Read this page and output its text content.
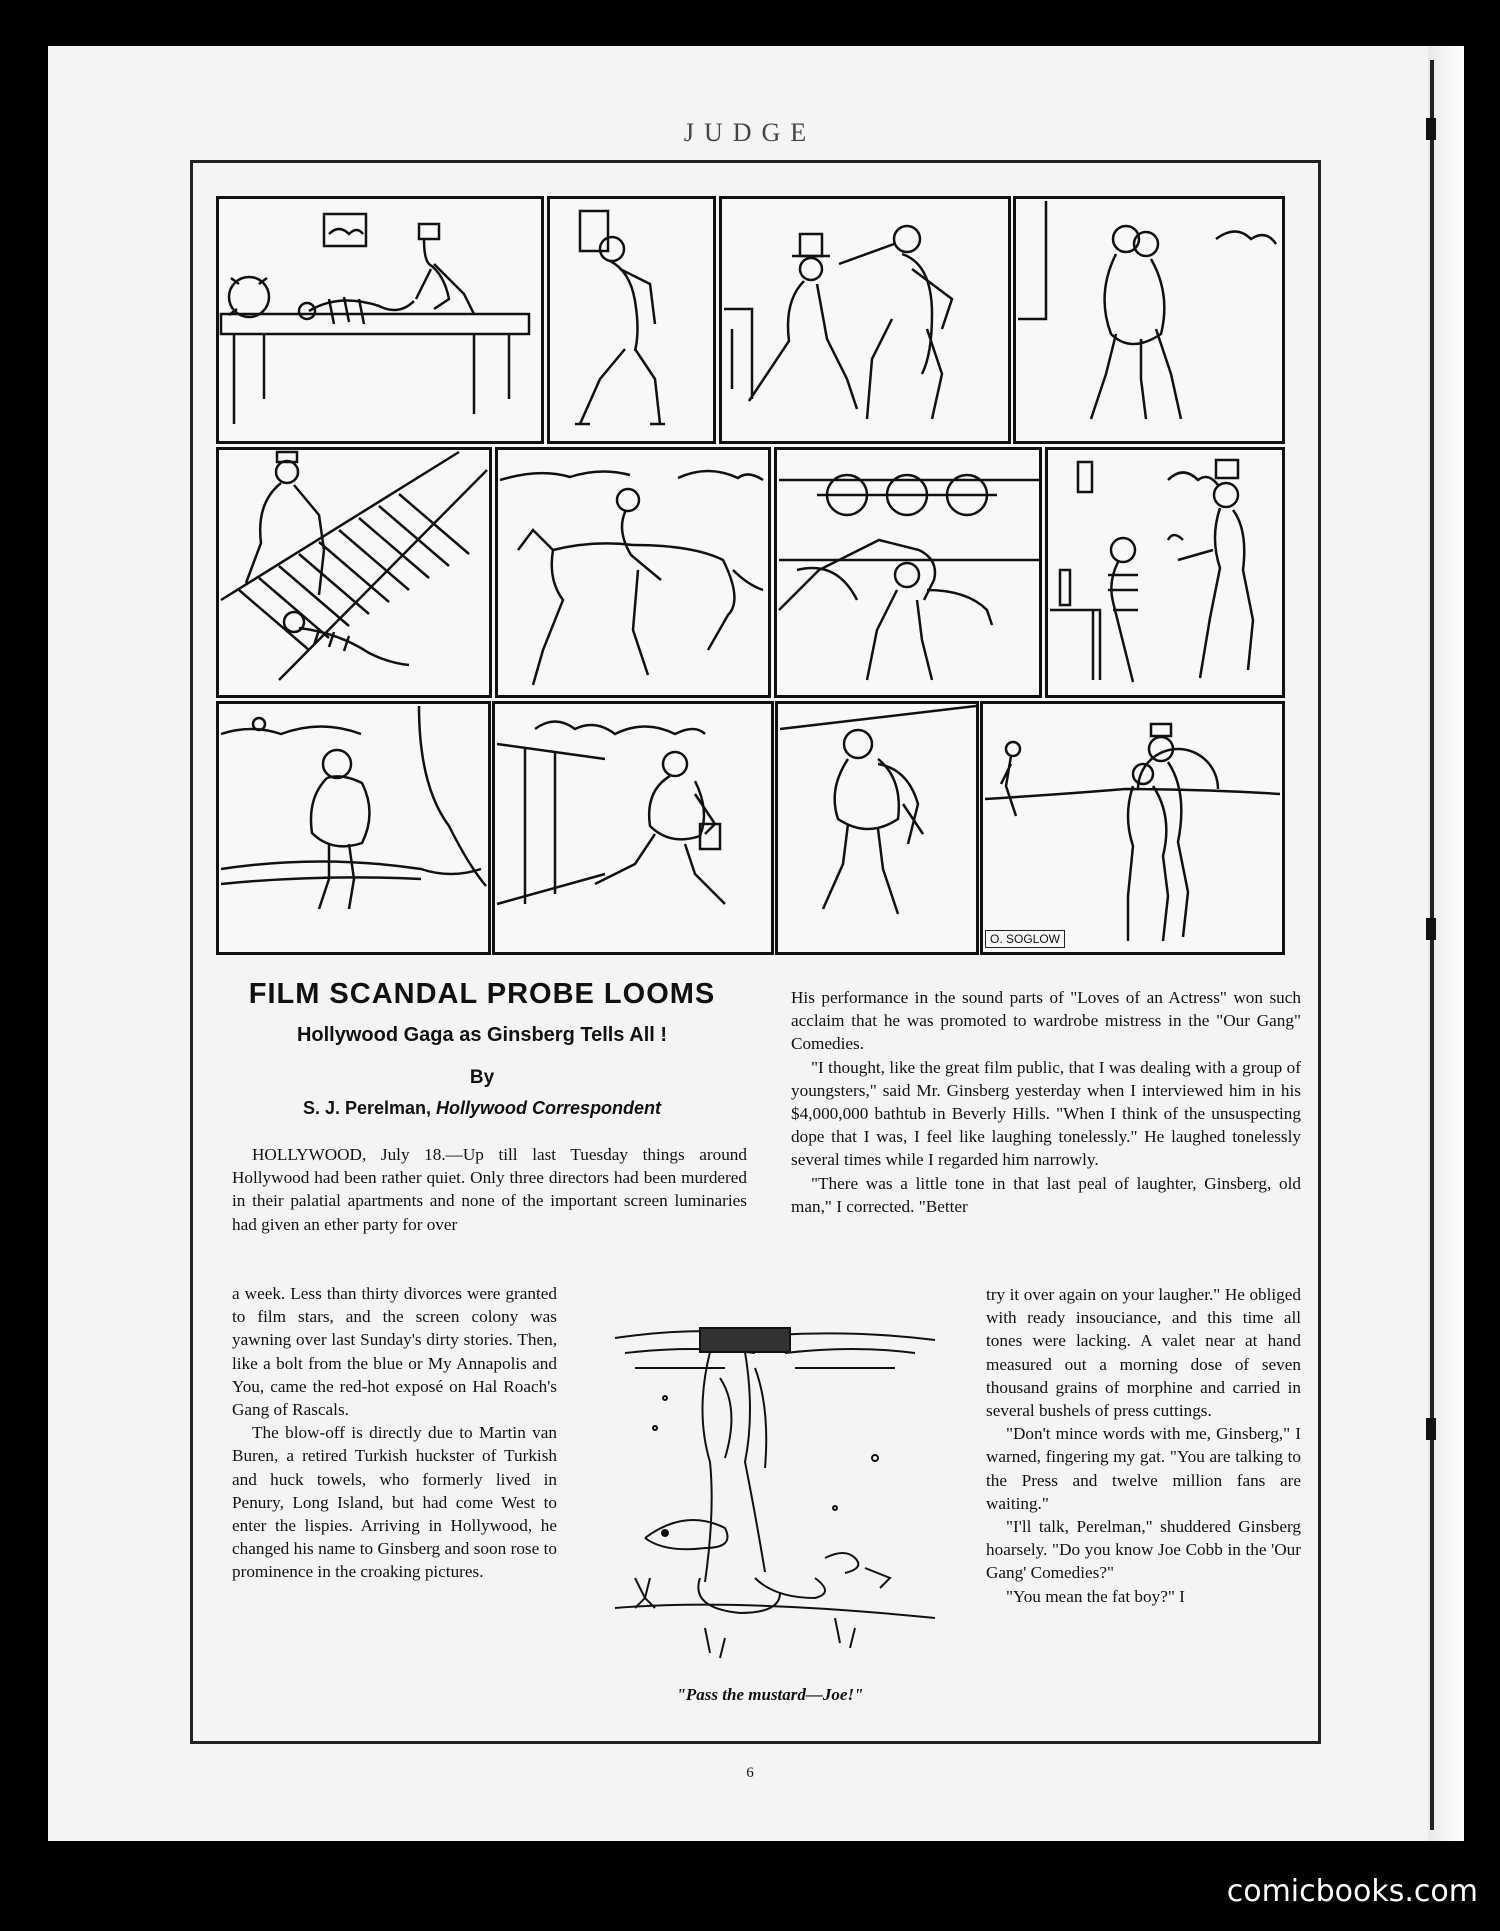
JUDGE
O. SOGLOW
FILM SCANDAL PROBE LOOMS
Hollywood Gaga as Ginsberg Tells All !
By
S. J. Perelman, Hollywood Correspondent

HOLLYWOOD, July 18.—Up till last Tuesday things around Hollywood had been rather quiet. Only three directors had been murdered in their palatial apartments and none of the important screen luminaries had given an ether party for over

a week. Less than thirty divorces were granted to film stars, and the screen colony was yawning over last Sunday's dirty stories. Then, like a bolt from the blue or My Annapolis and You, came the red-hot exposé on Hal Roach's Gang of Rascals.

The blow-off is directly due to Martin van Buren, a retired Turkish huckster of Turkish and huck towels, who formerly lived in Penury, Long Island, but had come West to enter the lispies. Arriving in Hollywood, he changed his name to Ginsberg and soon rose to prominence in the croaking pictures.

His performance in the sound parts of "Loves of an Actress" won such acclaim that he was promoted to wardrobe mistress in the "Our Gang" Comedies.

"I thought, like the great film public, that I was dealing with a group of youngsters," said Mr. Ginsberg yesterday when I interviewed him in his $4,000,000 bathtub in Beverly Hills. "When I think of the unsuspecting dope that I was, I feel like laughing tonelessly." He laughed tonelessly several times while I regarded him narrowly.

"There was a little tone in that last peal of laughter, Ginsberg, old man," I corrected. "Better

try it over again on your laugher." He obliged with ready insouciance, and this time all tones were lacking. A valet near at hand measured out a morning dose of seven thousand grains of morphine and carried in several bushels of press cuttings.

"Don't mince words with me, Ginsberg," I warned, fingering my gat. "You are talking to the Press and twelve million fans are waiting."

"I'll talk, Perelman," shuddered Ginsberg hoarsely. "Do you know Joe Cobb in the 'Our Gang' Comedies?"

"You mean the fat boy?" I

"Pass the mustard—Joe!"
6
comicbooks.com
